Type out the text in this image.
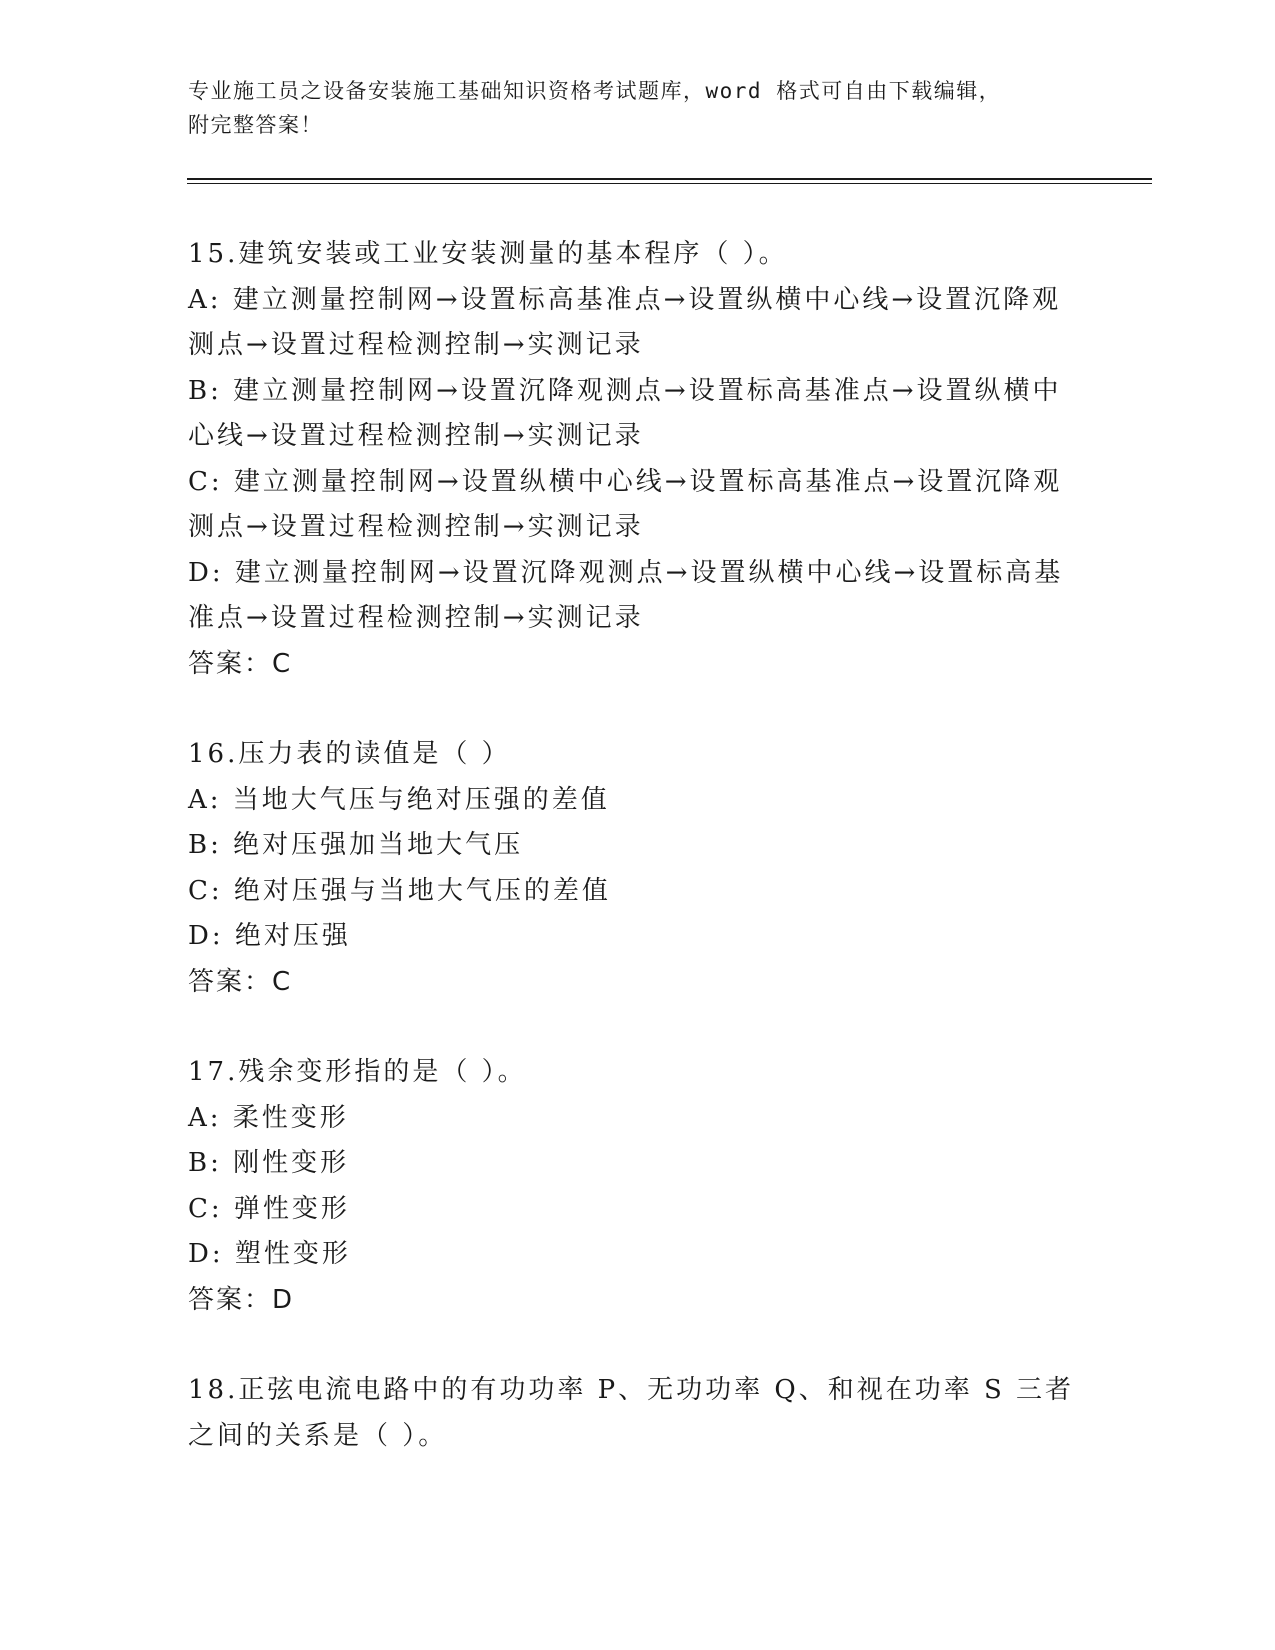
专业施工员之设备安装施工基础知识资格考试题库，word 格式可自由下载编辑，
附完整答案！

15.建筑安装或工业安装测量的基本程序（ ）。

A: 建立测量控制网→设置标高基准点→设置纵横中心线→设置沉降观测点→设置过程检测控制→实测记录

B: 建立测量控制网→设置沉降观测点→设置标高基准点→设置纵横中心线→设置过程检测控制→实测记录

C: 建立测量控制网→设置纵横中心线→设置标高基准点→设置沉降观测点→设置过程检测控制→实测记录

D: 建立测量控制网→设置沉降观测点→设置纵横中心线→设置标高基准点→设置过程检测控制→实测记录

答案：C

16.压力表的读值是（ ）

A: 当地大气压与绝对压强的差值

B: 绝对压强加当地大气压

C: 绝对压强与当地大气压的差值

D: 绝对压强

答案：C

17.残余变形指的是（ ）。

A: 柔性变形

B: 刚性变形

C: 弹性变形

D: 塑性变形

答案：D

18.正弦电流电路中的有功功率 P、无功功率 Q、和视在功率 S 三者之间的关系是（ ）。
